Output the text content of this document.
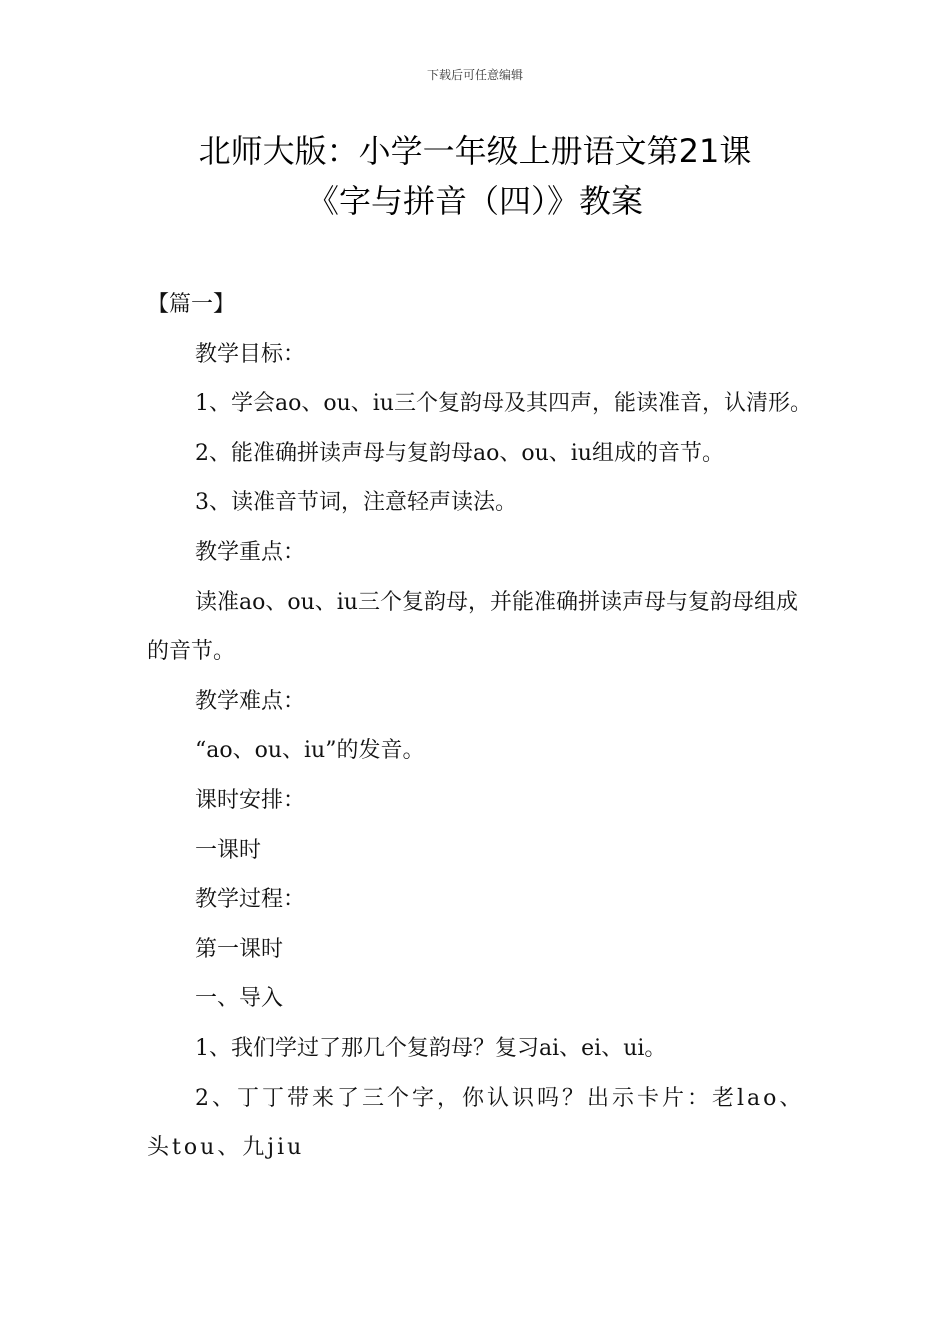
下载后可任意编辑
北师大版：小学一年级上册语文第21课
《字与拼音（四）》教案

【篇一】

教学目标：

1、学会ao、ou、iu三个复韵母及其四声，能读准音，认清形。

2、能准确拼读声母与复韵母ao、ou、iu组成的音节。

3、读准音节词，注意轻声读法。

教学重点：

读准ao、ou、iu三个复韵母，并能准确拼读声母与复韵母组成的音节。

教学难点：

“ao、ou、iu”的发音。

课时安排：

一课时

教学过程：

第一课时

一、导入

1、我们学过了那几个复韵母？复习ai、ei、ui。

2、丁丁带来了三个字，你认识吗？出示卡片：老lao、头tou、九jiu
